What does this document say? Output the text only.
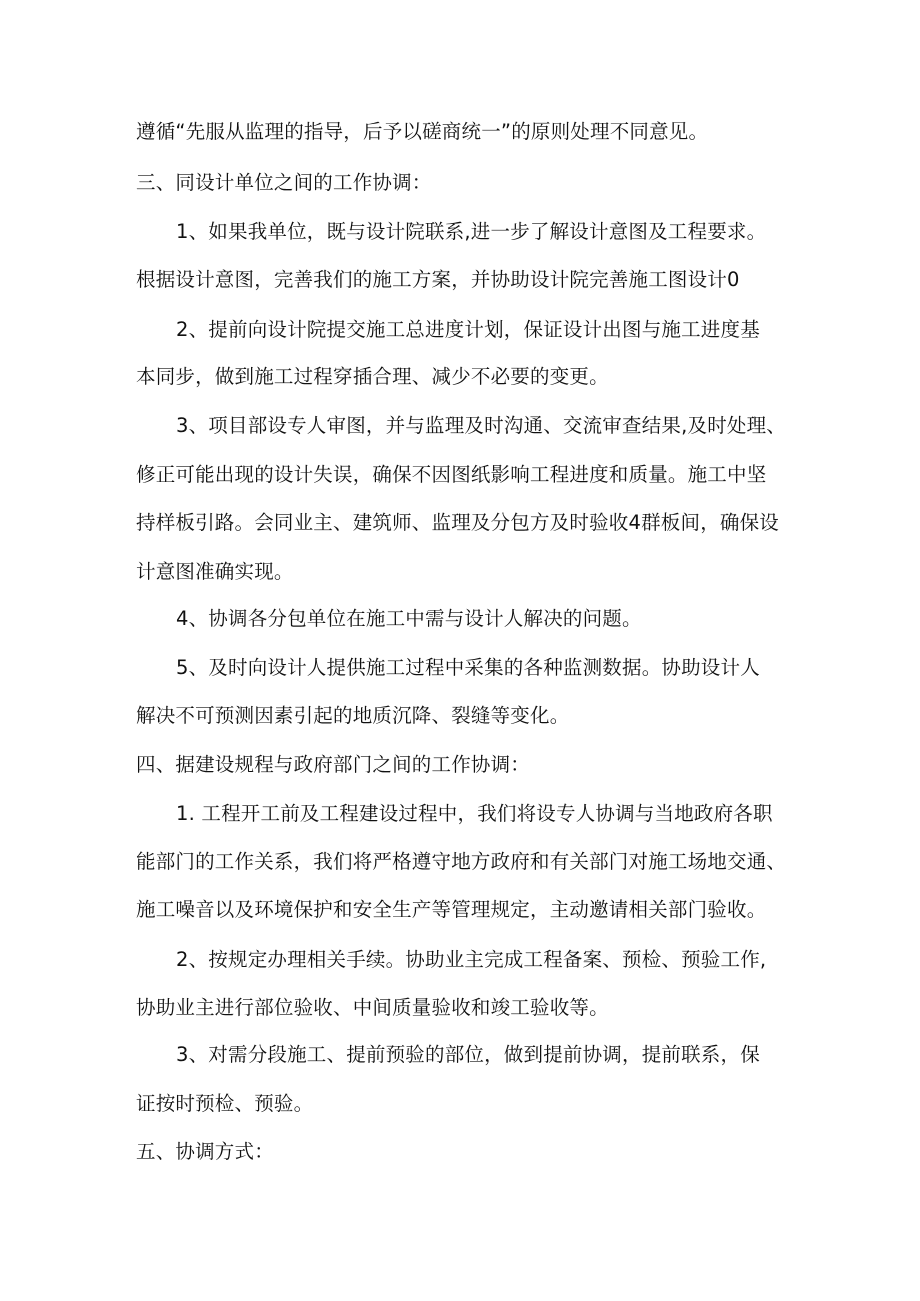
遵循“先服从监理的指导，后予以磋商统一”的原则处理不同意见。
三、同设计单位之间的工作协调：
1、如果我单位，既与设计院联系,进一步了解设计意图及工程要求。
根据设计意图，完善我们的施工方案，并协助设计院完善施工图设计0
2、提前向设计院提交施工总进度计划，保证设计出图与施工进度基
本同步，做到施工过程穿插合理、减少不必要的变更。
3、项目部设专人审图，并与监理及时沟通、交流审查结果,及时处理、
修正可能出现的设计失误，确保不因图纸影响工程进度和质量。施工中坚
持样板引路。会同业主、建筑师、监理及分包方及时验收4群板间，确保设
计意图准确实现。
4、协调各分包单位在施工中需与设计人解决的问题。
5、及时向设计人提供施工过程中采集的各种监测数据。协助设计人
解决不可预测因素引起的地质沉降、裂缝等变化。
四、据建设规程与政府部门之间的工作协调：
1. 工程开工前及工程建设过程中，我们将设专人协调与当地政府各职
能部门的工作关系，我们将严格遵守地方政府和有关部门对施工场地交通、
施工噪音以及环境保护和安全生产等管理规定，主动邀请相关部门验收。
2、按规定办理相关手续。协助业主完成工程备案、预检、预验工作,
协助业主进行部位验收、中间质量验收和竣工验收等。
3、对需分段施工、提前预验的部位，做到提前协调，提前联系，保
证按时预检、预验。
五、协调方式：
